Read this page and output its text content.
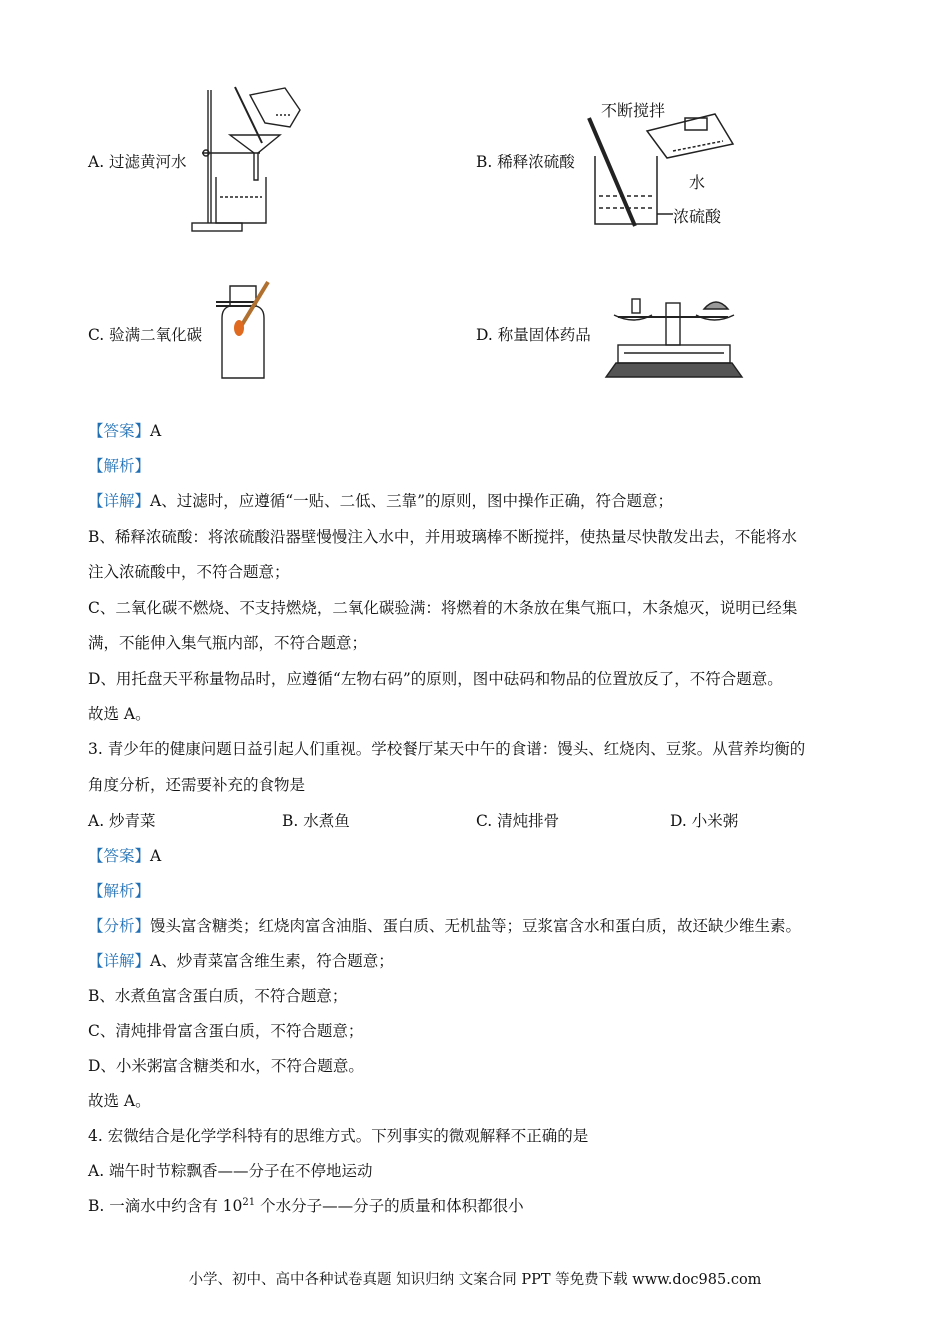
A. 过滤黄河水	B. 稀释浓硫酸
不断搅拌
水
浓硫酸
C. 验满二氧化碳	D. 称量固体药品
【答案】A
【解析】
【详解】A、过滤时，应遵循“一贴、二低、三靠”的原则，图中操作正确，符合题意；
B、稀释浓硫酸：将浓硫酸沿器壁慢慢注入水中，并用玻璃棒不断搅拌，使热量尽快散发出去，不能将水
注入浓硫酸中，不符合题意；
C、二氧化碳不燃烧、不支持燃烧，二氧化碳验满：将燃着的木条放在集气瓶口，木条熄灭，说明已经集
满，不能伸入集气瓶内部，不符合题意；
D、用托盘天平称量物品时，应遵循“左物右码”的原则，图中砝码和物品的位置放反了，不符合题意。
故选 A。
3. 青少年的健康问题日益引起人们重视。学校餐厅某天中午的食谱：馒头、红烧肉、豆浆。从营养均衡的
角度分析，还需要补充的食物是
A. 炒青菜	B. 水煮鱼	C. 清炖排骨	D. 小米粥
【答案】A
【解析】
【分析】馒头富含糖类；红烧肉富含油脂、蛋白质、无机盐等；豆浆富含水和蛋白质，故还缺少维生素。
【详解】A、炒青菜富含维生素，符合题意；
B、水煮鱼富含蛋白质，不符合题意；
C、清炖排骨富含蛋白质，不符合题意；
D、小米粥富含糖类和水，不符合题意。
故选 A。
4. 宏微结合是化学学科特有的思维方式。下列事实的微观解释不正确的是
A. 端午时节粽飘香——分子在不停地运动
B. 一滴水中约含有 $10^{21}$ 个水分子——分子的质量和体积都很小
小学、初中、高中各种试卷真题 知识归纳 文案合同 PPT 等免费下载 www.doc985.com
